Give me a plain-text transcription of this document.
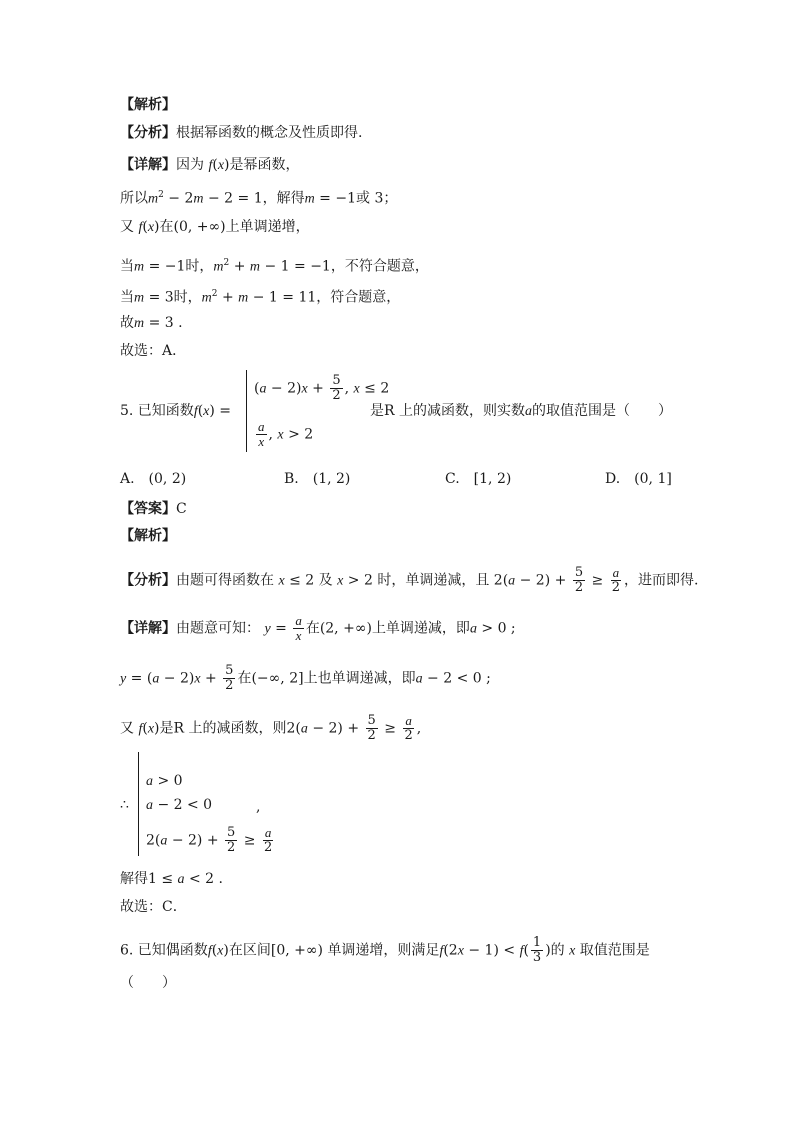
【解析】
【分析】根据幂函数的概念及性质即得.
【详解】因为 f(x)是幂函数，
所以$m^2 - 2m - 2 = 1$，解得m = −1或 3；
又 f(x)在(0, +∞)上单调递增，
当m = −1时，$m^2 + m - 1 = -1$，不符合题意，
当m = 3时，$m^2 + m - 1 = 11$，符合题意，
故m = 3 .
故选：A．
5. 已知函数f(x) =
$(a - 2)x + \frac{5}{2}$ , x ≤ 2
$\frac{a}{x}$ , x > 2
是R 上的减函数，则实数a的取值范围是（　　）
A.　(0, 2)	B.　(1, 2)	C.　[1, 2)	D.　(0, 1]
【答案】C
【解析】
【分析】由题可得函数在 x ≤ 2 及 x > 2 时，单调递减，且 $2(a - 2) + \frac{5}{2} \ge \frac{a}{2}$ ，进而即得.
【详解】由题意可知： $y = \frac{a}{x}$ 在(2, +∞)上单调递减，即a > 0 ;
$y = (a - 2)x + \frac{5}{2}$ 在(−∞, 2]上也单调递减，即a − 2 < 0 ;
又 f(x)是R 上的减函数，则$2(a - 2) + \frac{5}{2} \ge \frac{a}{2}$ ,
∴
a > 0
a − 2 < 0	,
$2(a - 2) + \frac{5}{2} \ge \frac{a}{2}$
解得1 ≤ a < 2 .
故选：C．
6. 已知偶函数f(x)在区间[0, +∞) 单调递增，则满足$f(2x - 1) < f( \frac{1}{3}$ )的 x 取值范围是
（　　）
